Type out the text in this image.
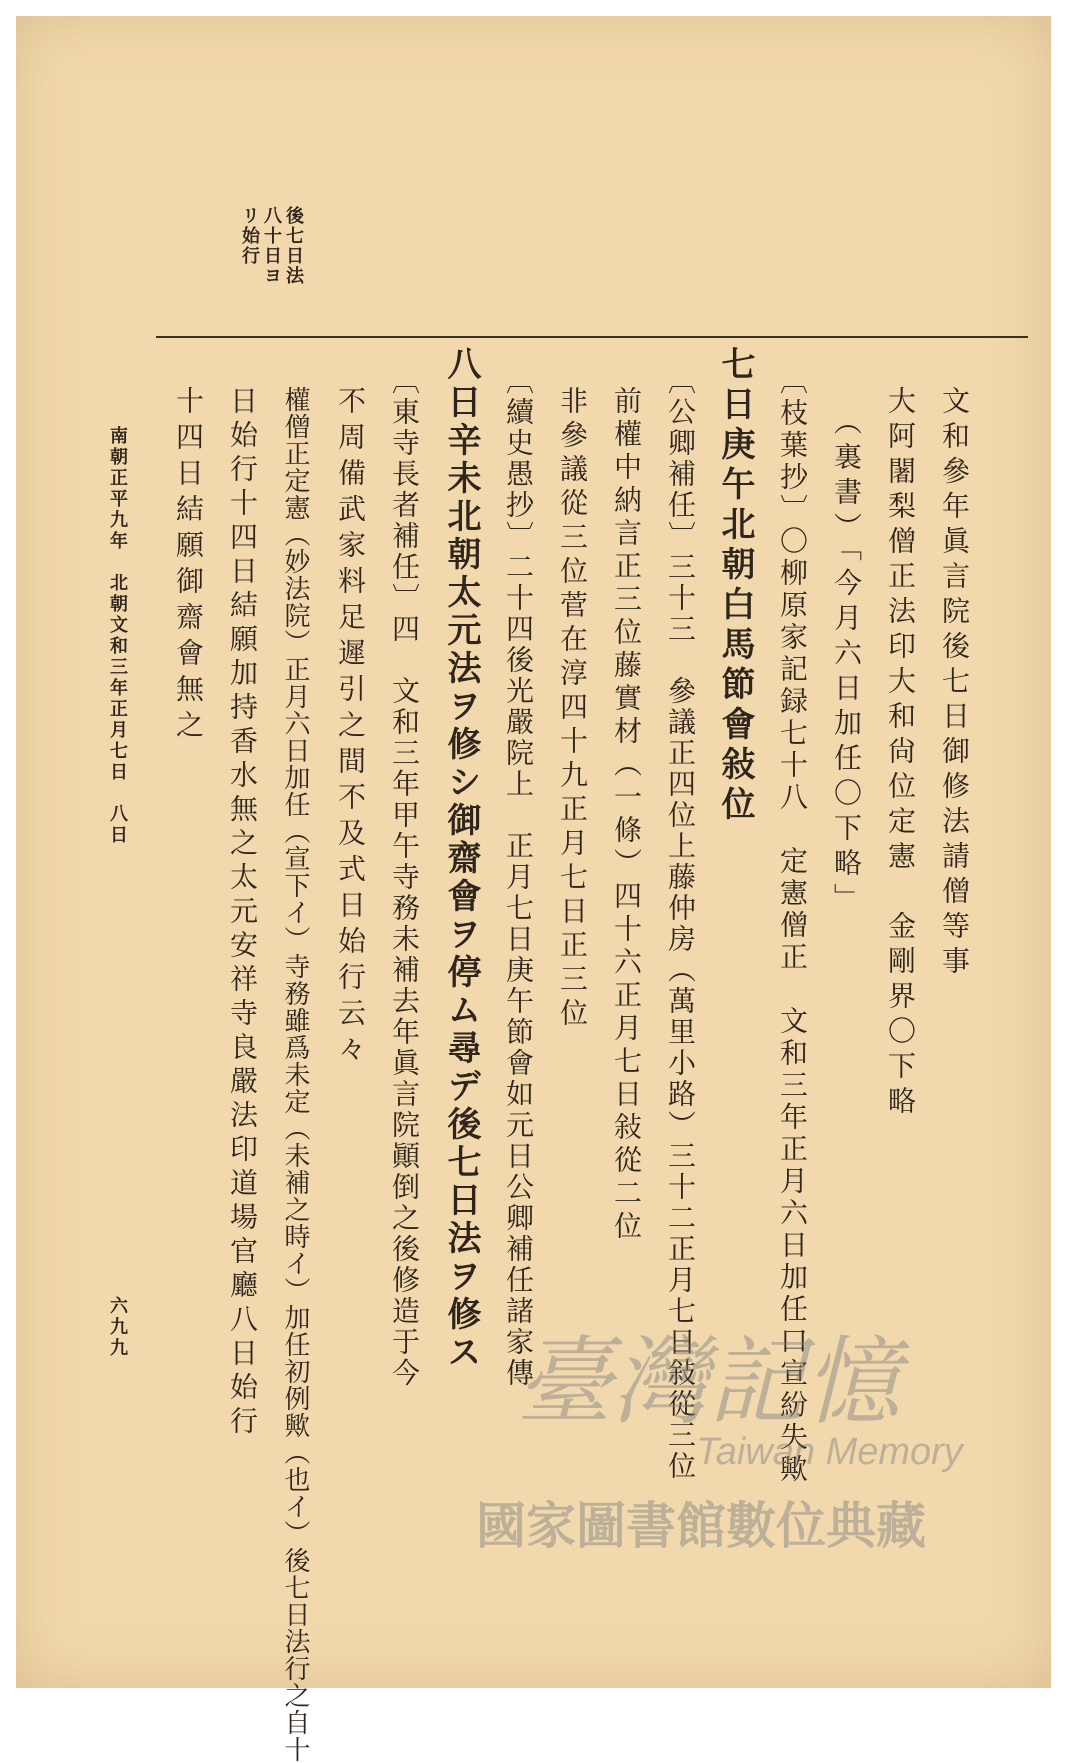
後七日法
八十日ヨ
リ始行
文和參年眞言院後七日御修法請僧等事
大阿闍梨僧正法印大和尙位定憲　金剛界〇下略
　（裏書）「今月六日加任〇下略」
〔枝葉抄〕〇柳原家記録七十八　定憲僧正　文和三年正月六日加任口宣紛失歟
七日庚午北朝白馬節會敍位
〔公卿補任〕三十三　參議正四位上藤仲房（萬里小路）三十二正月七日敍從三位
前權中納言正三位藤實材（一條）四十六正月七日敍從二位
非參議從三位菅在淳四十九正月七日正三位
〔續史愚抄〕二十四後光嚴院上　正月七日庚午節會如元日公卿補任諸家傳
八日辛未北朝太元法ヲ修シ御齋會ヲ停ム尋デ後七日法ヲ修ス
〔東寺長者補任〕四　文和三年甲午寺務未補去年眞言院顚倒之後修造于今
不周備武家料足遲引之間不及式日始行云々
權僧正定憲（妙法院）正月六日加任（宣下イ）寺務雖爲未定（未補之時イ）加任初例歟（也イ）後七日法行之自十
日始行十四日結願加持香水無之太元安祥寺良嚴法印道場官廳八日始行
十四日結願御齋會無之
南朝正平九年　北朝文和三年正月七日　八日
六九九	臺灣記憶
Taiwan Memory
國家圖書館數位典藏
